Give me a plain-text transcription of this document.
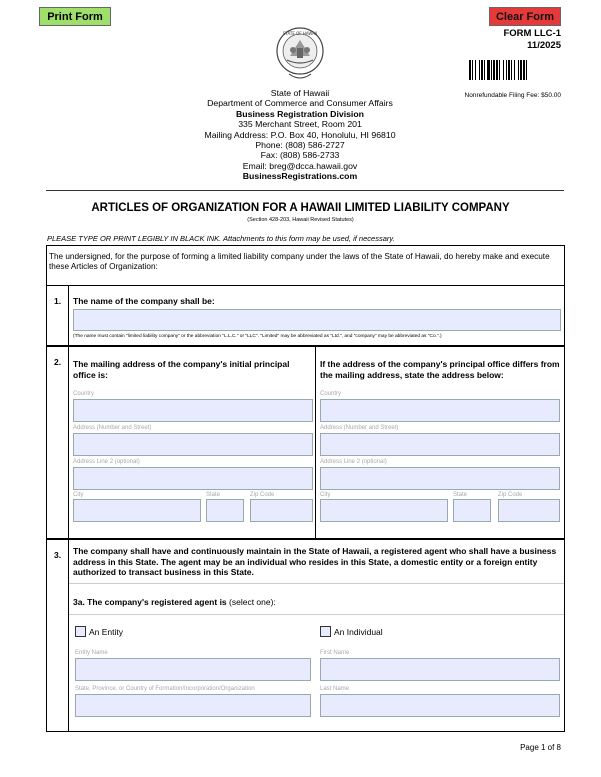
Print Form	Clear Form
FORM LLC-1
11/2025
Nonrefundable Filing Fee: $50.00
STATE OF HAWAII
State of Hawaii
Department of Commerce and Consumer Affairs
Business Registration Division
335 Merchant Street, Room 201
Mailing Address: P.O. Box 40, Honolulu, HI 96810
Phone: (808) 586-2727
Fax: (808) 586-2733
Email: breg@dcca.hawaii.gov
BusinessRegistrations.com
ARTICLES OF ORGANIZATION FOR A HAWAII LIMITED LIABILITY COMPANY
(Section 428-203, Hawaii Revised Statutes)
PLEASE TYPE OR PRINT LEGIBLY IN BLACK INK. Attachments to this form may be used, if necessary.
The undersigned, for the purpose of forming a limited liability company under the laws of the State of Hawaii, do hereby make and execute these Articles of Organization:
1.	The name of the company shall be:
(The name must contain "limited liability company" or the abbreviation "L.L.C." or "LLC". "Limited" may be abbreviated as "Ltd.", and "company" may be abbreviated as "Co.".)
2.	The mailing address of the company's initial principal office is:
Country
Address (Number and Street)
Address Line 2 (optional)
City	State	Zip Code
If the address of the company's principal office differs from the mailing address, state the address below:
Country
Address (Number and Street)
Address Line 2 (optional)
City	State	Zip Code
3.	The company shall have and continuously maintain in the State of Hawaii, a registered agent who shall have a business address in this State. The agent may be an individual who resides in this State, a domestic entity or a foreign entity authorized to transact business in this State.
3a. The company's registered agent is (select one):
An Entity	An Individual
Entity Name
State, Province, or Country of Formation/Incorporation/Organization
First Name
Last Name
Page 1 of 8
